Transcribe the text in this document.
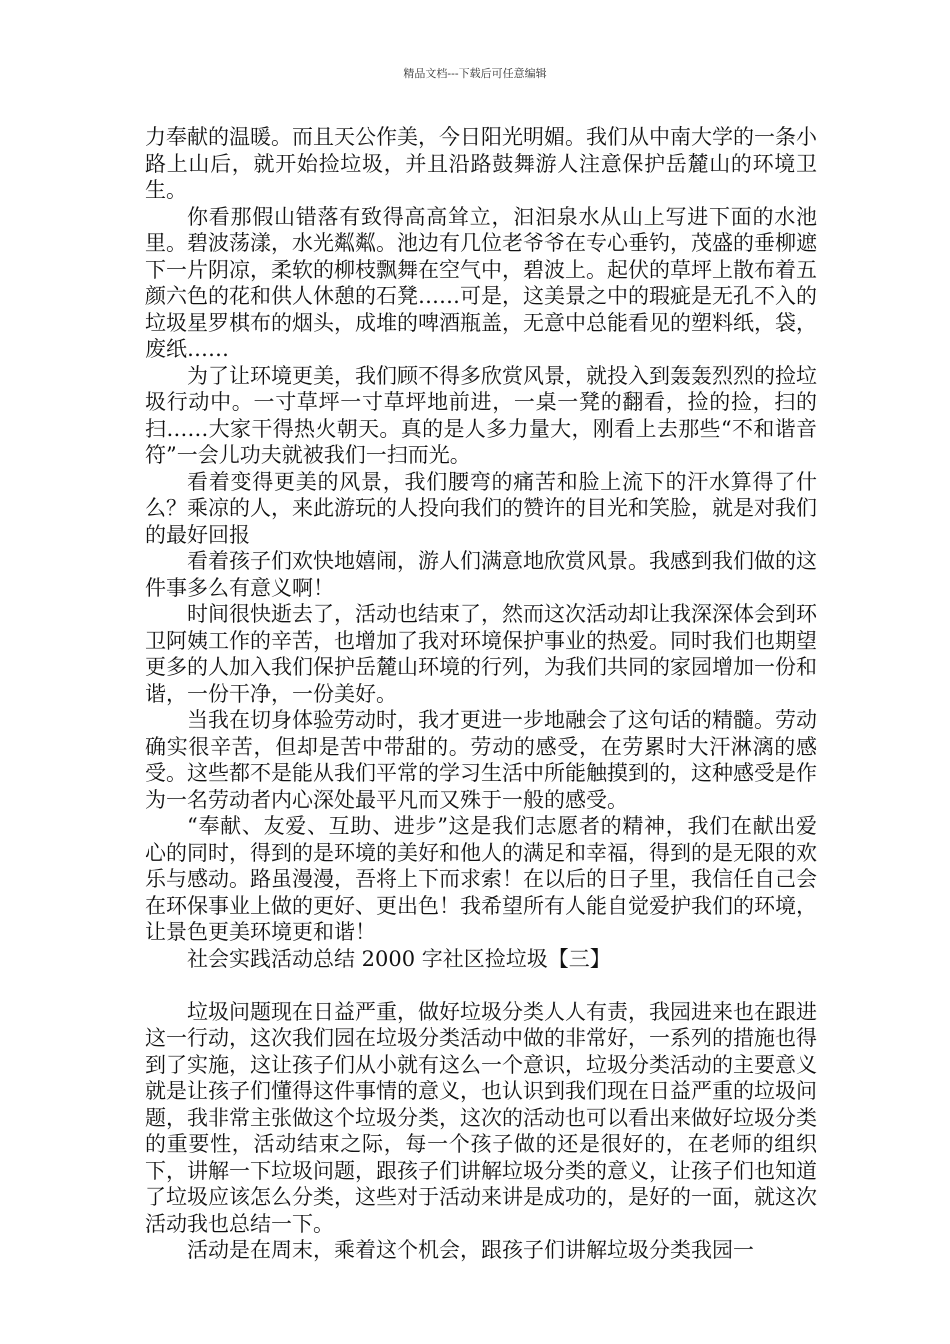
精品文档---下载后可任意编辑

力奉献的温暖。而且天公作美，今日阳光明媚。我们从中南大学的一条小路上山后，就开始捡垃圾，并且沿路鼓舞游人注意保护岳麓山的环境卫生。

你看那假山错落有致得高高耸立，汩汩泉水从山上写进下面的水池里。碧波荡漾，水光粼粼。池边有几位老爷爷在专心垂钓，茂盛的垂柳遮下一片阴凉，柔软的柳枝飘舞在空气中，碧波上。起伏的草坪上散布着五颜六色的花和供人休憩的石凳……可是，这美景之中的瑕疵是无孔不入的垃圾星罗棋布的烟头，成堆的啤酒瓶盖，无意中总能看见的塑料纸，袋，废纸……

为了让环境更美，我们顾不得多欣赏风景，就投入到轰轰烈烈的捡垃圾行动中。一寸草坪一寸草坪地前进，一桌一凳的翻看，捡的捡，扫的扫……大家干得热火朝天。真的是人多力量大，刚看上去那些“不和谐音符”一会儿功夫就被我们一扫而光。

看着变得更美的风景，我们腰弯的痛苦和脸上流下的汗水算得了什么？乘凉的人，来此游玩的人投向我们的赞许的目光和笑脸，就是对我们的最好回报

看着孩子们欢快地嬉闹，游人们满意地欣赏风景。我感到我们做的这件事多么有意义啊！

时间很快逝去了，活动也结束了，然而这次活动却让我深深体会到环卫阿姨工作的辛苦，也增加了我对环境保护事业的热爱。同时我们也期望更多的人加入我们保护岳麓山环境的行列，为我们共同的家园增加一份和谐，一份干净，一份美好。

当我在切身体验劳动时，我才更进一步地融会了这句话的精髓。劳动确实很辛苦，但却是苦中带甜的。劳动的感受，在劳累时大汗淋漓的感受。这些都不是能从我们平常的学习生活中所能触摸到的，这种感受是作为一名劳动者内心深处最平凡而又殊于一般的感受。

“奉献、友爱、互助、进步”这是我们志愿者的精神，我们在献出爱心的同时，得到的是环境的美好和他人的满足和幸福，得到的是无限的欢乐与感动。路虽漫漫，吾将上下而求索！在以后的日子里，我信任自己会在环保事业上做的更好、更出色！我希望所有人能自觉爱护我们的环境，让景色更美环境更和谐！

社会实践活动总结 2000 字社区捡垃圾【三】

垃圾问题现在日益严重，做好垃圾分类人人有责，我园进来也在跟进这一行动，这次我们园在垃圾分类活动中做的非常好，一系列的措施也得到了实施，这让孩子们从小就有这么一个意识，垃圾分类活动的主要意义就是让孩子们懂得这件事情的意义，也认识到我们现在日益严重的垃圾问题，我非常主张做这个垃圾分类，这次的活动也可以看出来做好垃圾分类的重要性，活动结束之际，每一个孩子做的还是很好的，在老师的组织下，讲解一下垃圾问题，跟孩子们讲解垃圾分类的意义，让孩子们也知道了垃圾应该怎么分类，这些对于活动来讲是成功的，是好的一面，就这次活动我也总结一下。

活动是在周末，乘着这个机会，跟孩子们讲解垃圾分类我园一
